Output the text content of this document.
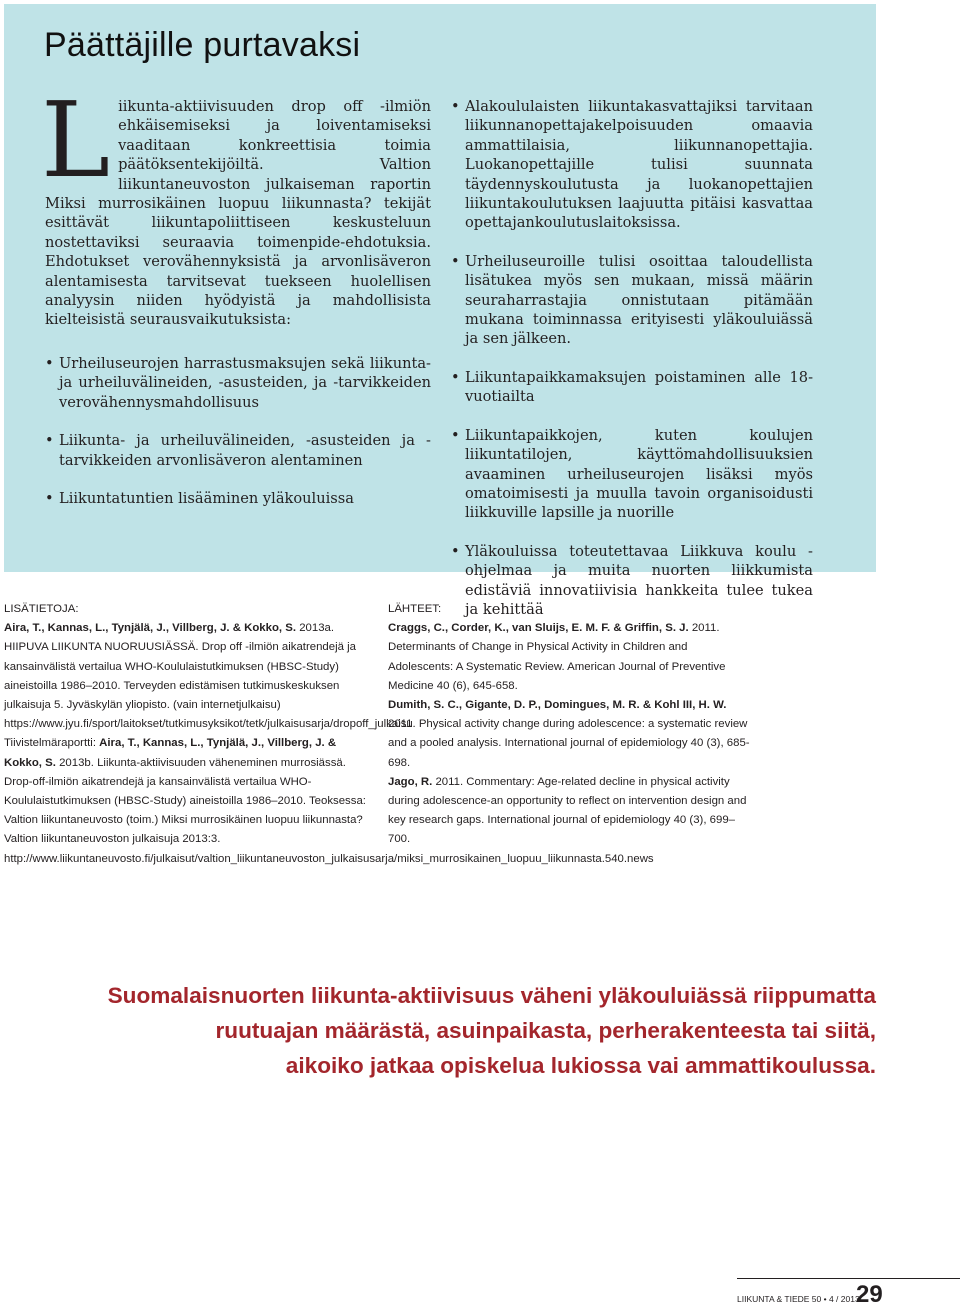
Päättäjille purtavaksi

Liikunta-aktiivisuuden drop off -ilmiön ehkäisemiseksi ja loiventamiseksi vaaditaan konkreettisia toimia päätöksentekijöiltä. Valtion liikuntaneuvoston julkaiseman raportin Miksi murrosikäinen luopuu liikunnasta? tekijät esittävät liikuntapoliittiseen keskusteluun nostettaviksi seuraavia toimenpide-ehdotuksia. Ehdotukset verovähennyksistä ja arvonlisäveron alentamisesta tarvitsevat tuekseen huolellisen analyysin niiden hyödyistä ja mahdollisista kielteisistä seurausvaikutuksista:

• Urheiluseurojen harrastusmaksujen sekä liikunta- ja urheiluvälineiden, -asusteiden, ja -tarvikkeiden verovähennysmahdollisuus
• Liikunta- ja urheiluvälineiden, -asusteiden ja -tarvikkeiden arvonlisäveron alentaminen
• Liikuntatuntien lisääminen yläkouluissa
• Alakoululaisten liikuntakasvattajiksi tarvitaan liikunnanopettajakelpoisuuden omaavia ammattilaisia, liikunnanopettajia. Luokanopettajille tulisi suunnata täydennyskoulutusta ja luokanopettajien liikuntakoulutuksen laajuutta pitäisi kasvattaa opettajankoulutuslaitoksissa.
• Urheiluseuroille tulisi osoittaa taloudellista lisätukea myös sen mukaan, missä määrin seuraharrastajia onnistutaan pitämään mukana toiminnassa erityisesti yläkouluiässä ja sen jälkeen.
• Liikuntapaikkamaksujen poistaminen alle 18-vuotiailta
• Liikuntapaikkojen, kuten koulujen liikuntatilojen, käyttömahdollisuuksien avaaminen urheiluseurojen lisäksi myös omatoimisesti ja muulla tavoin organisoidusti liikkuville lapsille ja nuorille
• Yläkouluissa toteutettavaa Liikkuva koulu -ohjelmaa ja muita nuorten liikkumista edistäviä innovatiivisia hankkeita tulee tukea ja kehittää

LISÄTIETOJA:

Aira, T., Kannas, L., Tynjälä, J., Villberg, J. & Kokko, S. 2013a. HIIPUVA LIIKUNTA NUORUUSIÄSSÄ. Drop off -ilmiön aikatrendejä ja kansainvälistä vertailua WHO-Koululaistutkimuksen (HBSC-Study) aineistoilla 1986–2010. Terveyden edistämisen tutkimuskeskuksen julkaisuja 5. Jyväskylän yliopisto. (vain internetjulkaisu) https://www.jyu.fi/sport/laitokset/tutkimusyksikot/tetk/julkaisusarja/dropoff_julkaisu

Tiivistelmäraportti: Aira, T., Kannas, L., Tynjälä, J., Villberg, J. & Kokko, S. 2013b. Liikunta-aktiivisuuden väheneminen murrosiässä. Drop-off-ilmiön aikatrendejä ja kansainvälistä vertailua WHO-Koululaistutkimuksen (HBSC-Study) aineistoilla 1986–2010. Teoksessa: Valtion liikuntaneuvosto (toim.) Miksi murrosikäinen luopuu liikunnasta? Valtion liikuntaneuvoston julkaisuja 2013:3. http://www.liikuntaneuvosto.fi/julkaisut/valtion_liikuntaneuvoston_julkaisusarja/miksi_murrosikainen_luopuu_liikunnasta.540.news

LÄHTEET:

Craggs, C., Corder, K., van Sluijs, E. M. F. & Griffin, S. J. 2011. Determinants of Change in Physical Activity in Children and Adolescents: A Systematic Review. American Journal of Preventive Medicine 40 (6), 645-658.

Dumith, S. C., Gigante, D. P., Domingues, M. R. & Kohl III, H. W. 2011. Physical activity change during adolescence: a systematic review and a pooled analysis. International journal of epidemiology 40 (3), 685-698.

Jago, R. 2011. Commentary: Age-related decline in physical activity during adolescence-an opportunity to reflect on intervention design and key research gaps. International journal of epidemiology 40 (3), 699–700.

Suomalaisnuorten liikunta-aktiivisuus väheni yläkouluiässä riippumatta
ruutuajan määrästä, asuinpaikasta, perherakenteesta tai siitä,
aikoiko jatkaa opiskelua lukiossa vai ammattikoulussa.
LIIKUNTA & TIEDE 50 • 4 / 2013
29
